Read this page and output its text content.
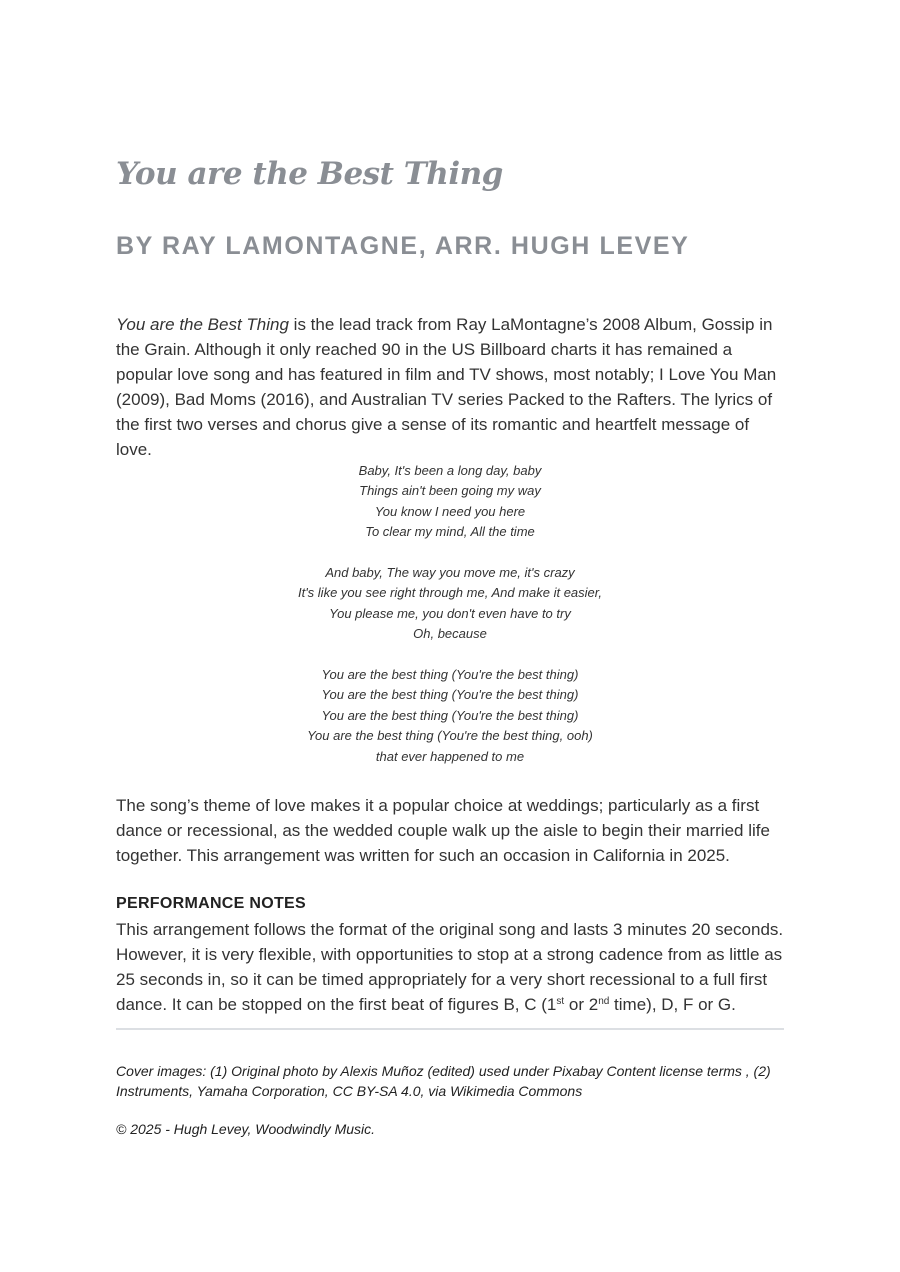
You are the Best Thing
BY RAY LAMONTAGNE, ARR. HUGH LEVEY

You are the Best Thing is the lead track from Ray LaMontagne’s 2008 Album, Gossip in the Grain. Although it only reached 90 in the US Billboard charts it has remained a popular love song and has featured in film and TV shows, most notably; I Love You Man (2009), Bad Moms (2016), and Australian TV series Packed to the Rafters. The lyrics of the first two verses and chorus give a sense of its romantic and heartfelt message of love.

Baby, It's been a long day, baby
Things ain't been going my way
You know I need you here
To clear my mind, All the time
And baby, The way you move me, it's crazy
It's like you see right through me, And make it easier,
You please me, you don't even have to try
Oh, because
You are the best thing (You're the best thing)
You are the best thing (You're the best thing)
You are the best thing (You're the best thing)
You are the best thing (You're the best thing, ooh)
that ever happened to me

The song’s theme of love makes it a popular choice at weddings; particularly as a first dance or recessional, as the wedded couple walk up the aisle to begin their married life together. This arrangement was written for such an occasion in California in 2025.

PERFORMANCE NOTES

This arrangement follows the format of the original song and lasts 3 minutes 20 seconds. However, it is very flexible, with opportunities to stop at a strong cadence from as little as 25 seconds in, so it can be timed appropriately for a very short recessional to a full first dance. It can be stopped on the first beat of figures B, C (1st or 2nd time), D, F or G.

Cover images: (1) Original photo by Alexis Muñoz (edited) used under Pixabay Content license terms , (2) Instruments, Yamaha Corporation, CC BY-SA 4.0, via Wikimedia Commons

© 2025 - Hugh Levey, Woodwindly Music.
